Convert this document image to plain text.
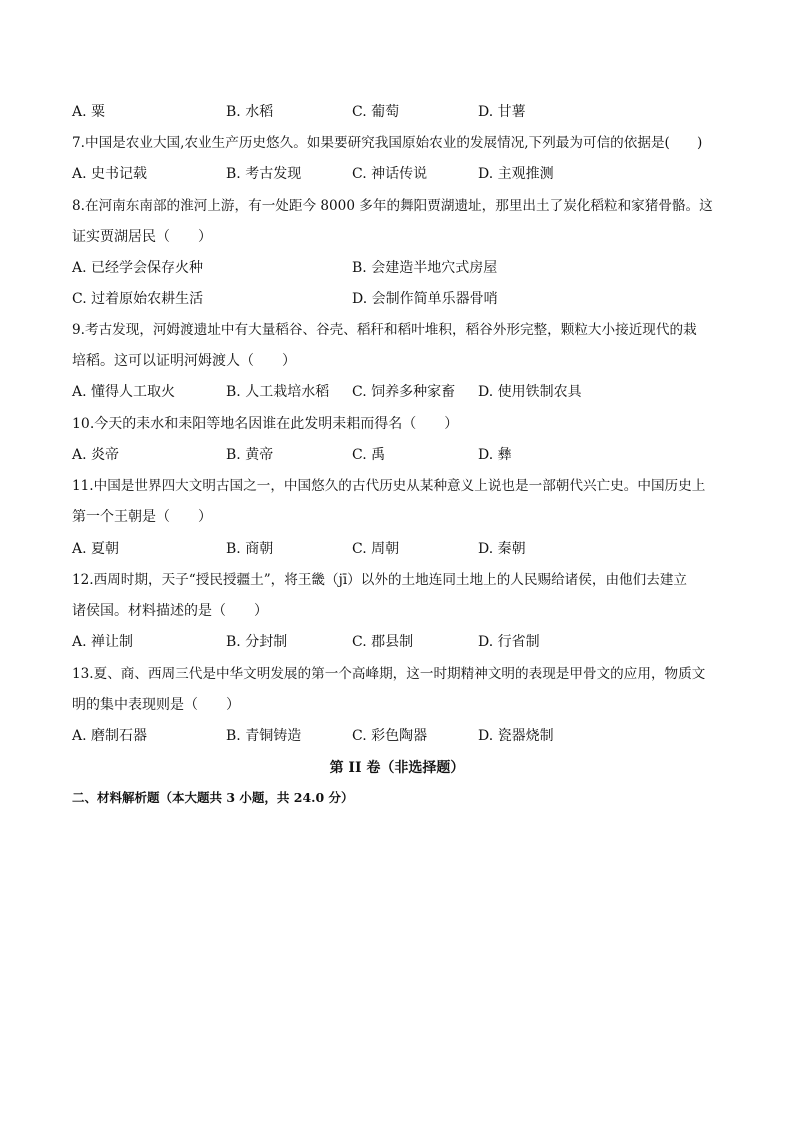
A. 粟	B. 水稻	C. 葡萄	D. 甘薯
7.中国是农业大国,农业生产历史悠久。如果要研究我国原始农业的发展情况,下列最为可信的依据是(　　)
A. 史书记载	B. 考古发现	C. 神话传说	D. 主观推测
8.在河南东南部的淮河上游，有一处距今 8000 多年的舞阳贾湖遗址，那里出土了炭化稻粒和家猪骨骼。这
证实贾湖居民（　　）
A. 已经学会保存火种	B. 会建造半地穴式房屋
C. 过着原始农耕生活	D. 会制作简单乐器骨哨
9.考古发现，河姆渡遗址中有大量稻谷、谷壳、稻秆和稻叶堆积，稻谷外形完整，颗粒大小接近现代的栽
培稻。这可以证明河姆渡人（　　）
A. 懂得人工取火	B. 人工栽培水稻 C. 饲养多种家畜 D. 使用铁制农具
10.今天的耒水和耒阳等地名因谁在此发明耒耜而得名（　　）
A. 炎帝	B. 黄帝	C. 禹	D. 彝
11.中国是世界四大文明古国之一，中国悠久的古代历史从某种意义上说也是一部朝代兴亡史。中国历史上
第一个王朝是（　　）
A. 夏朝	B. 商朝	C. 周朝	D. 秦朝
12.西周时期，天子“授民授疆土”，将王畿（jī）以外的土地连同土地上的人民赐给诸侯，由他们去建立
诸侯国。材料描述的是（　　）
A. 禅让制	B. 分封制	C. 郡县制	D. 行省制
13.夏、商、西周三代是中华文明发展的第一个高峰期，这一时期精神文明的表现是甲骨文的应用，物质文
明的集中表现则是（　　）
A. 磨制石器	B. 青铜铸造	C. 彩色陶器	D. 瓷器烧制
第 II 卷（非选择题）
二、材料解析题（本大题共 3 小题，共 24.0 分）
